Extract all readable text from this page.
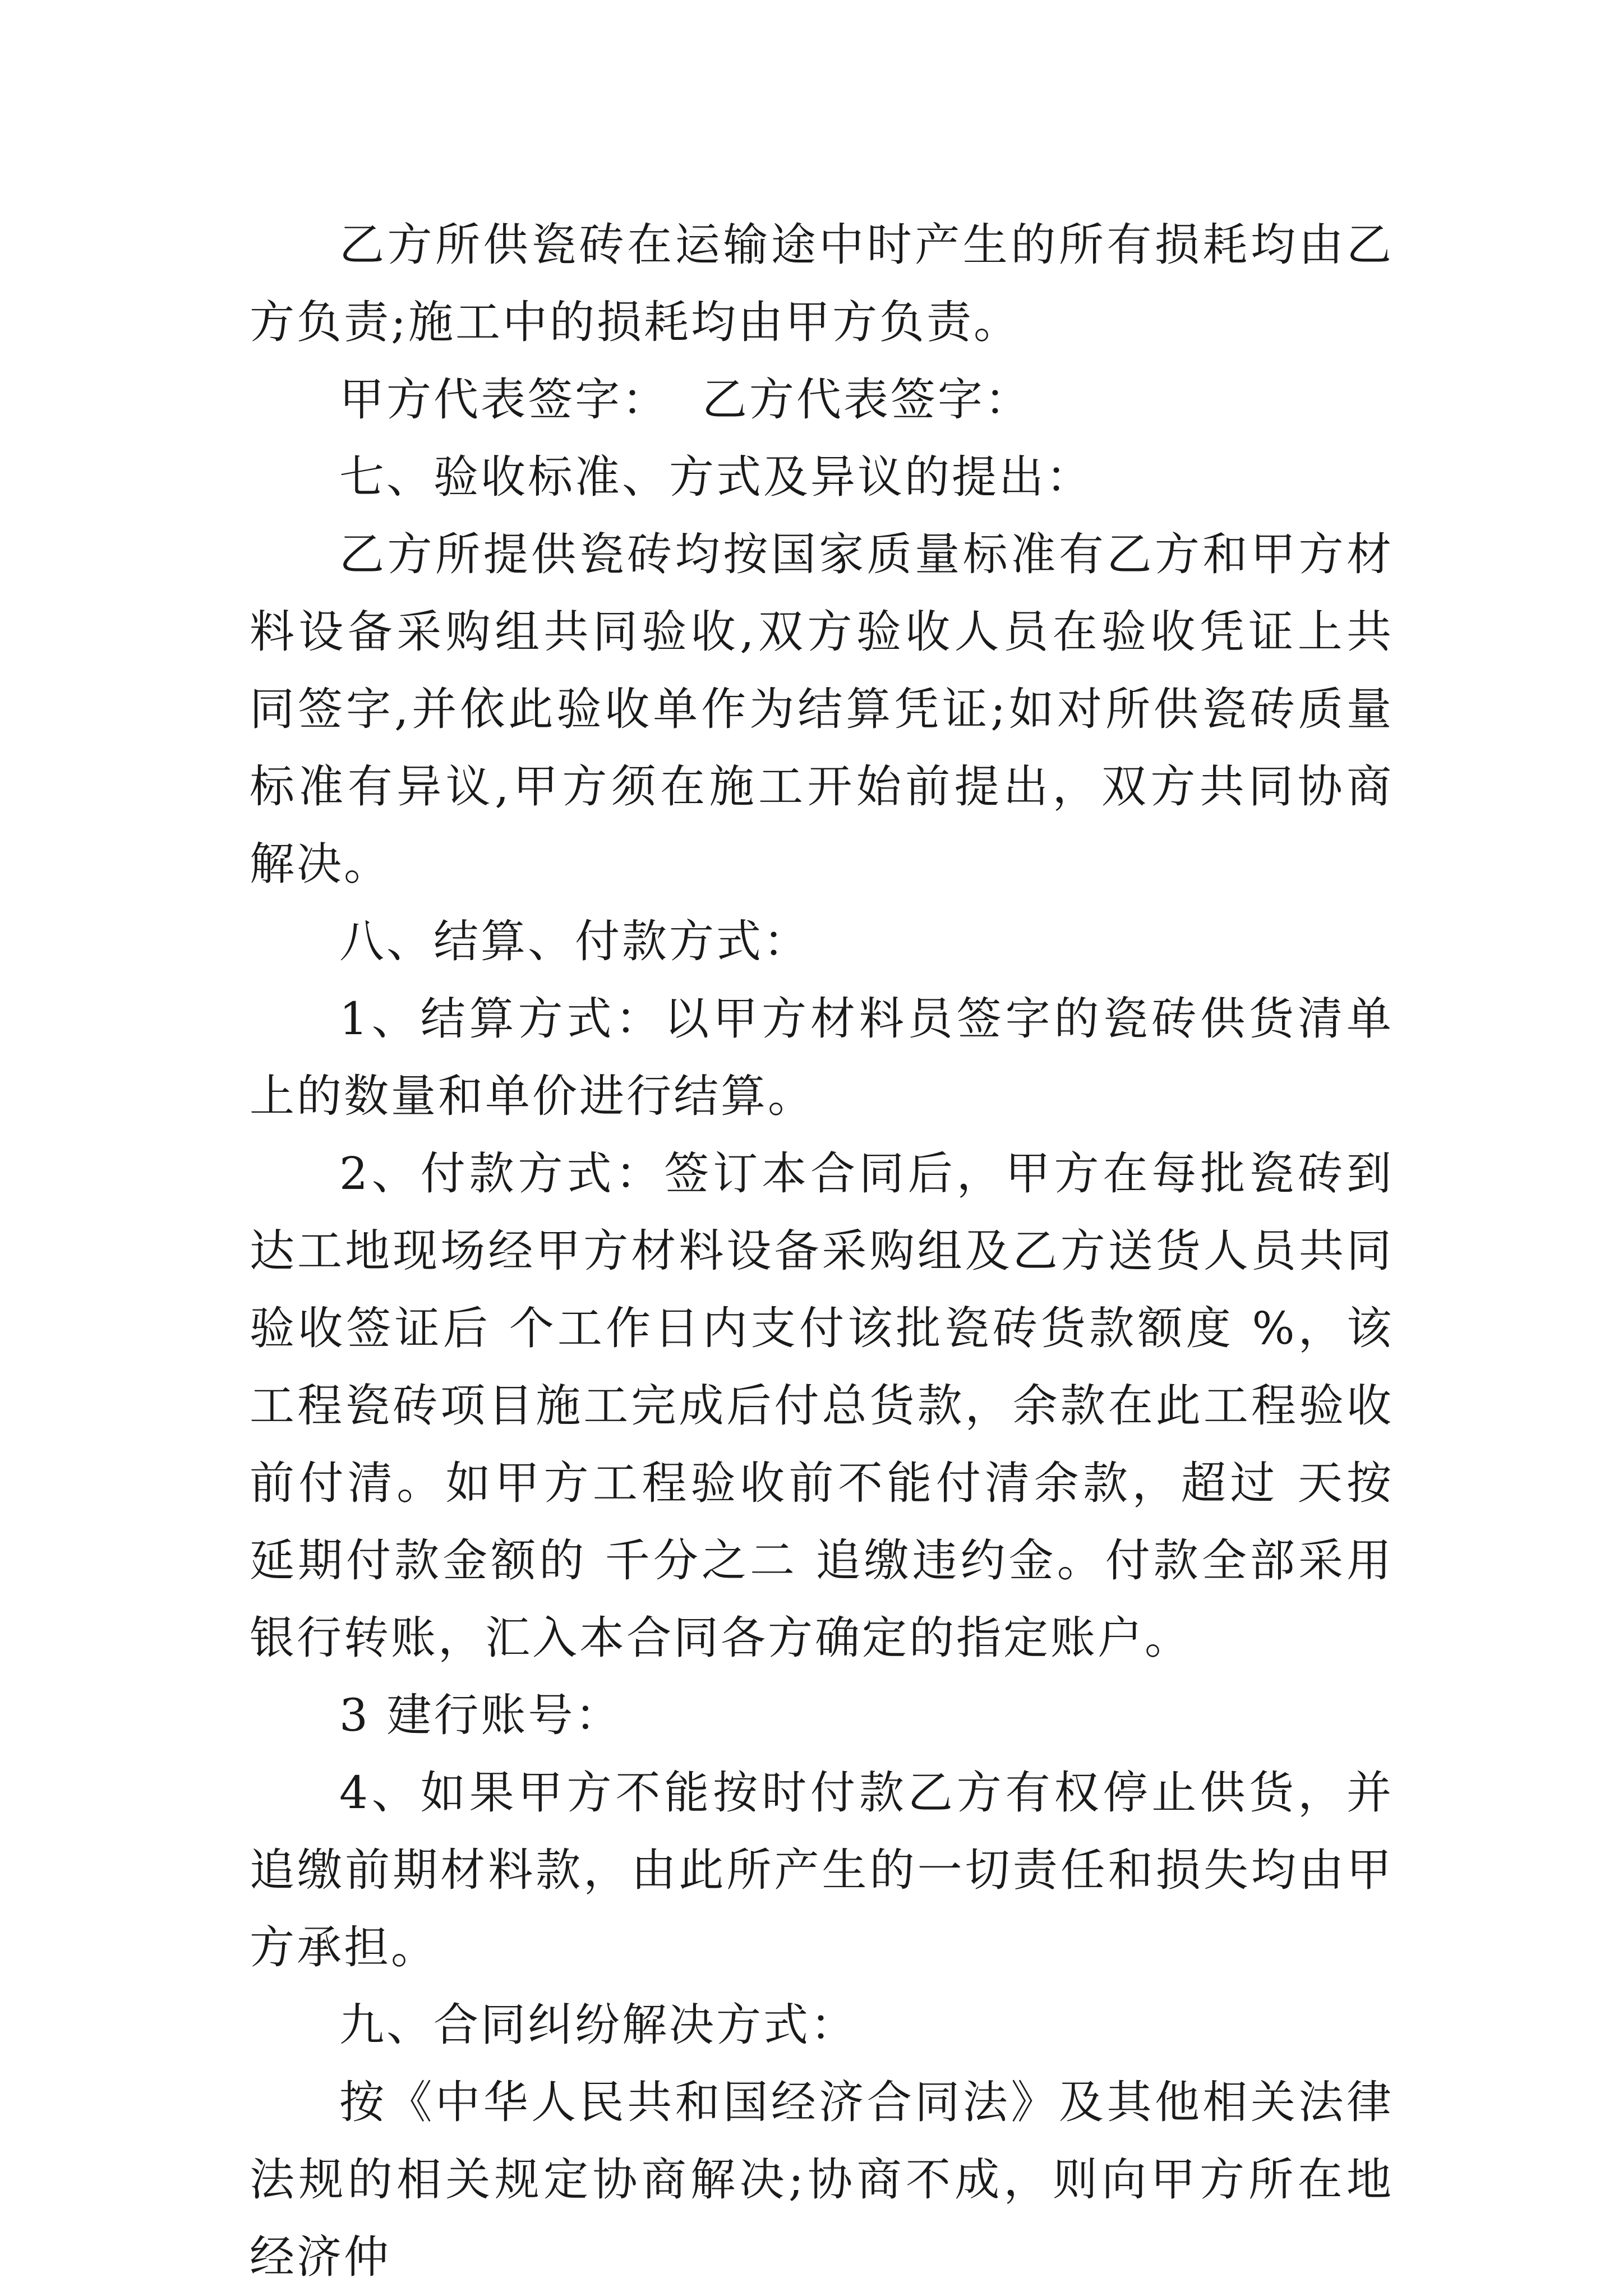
乙方所供瓷砖在运输途中时产生的所有损耗均由乙方负责;施工中的损耗均由甲方负责。

甲方代表签字：  乙方代表签字：

七、验收标准、方式及异议的提出：

乙方所提供瓷砖均按国家质量标准有乙方和甲方材料设备采购组共同验收,双方验收人员在验收凭证上共同签字,并依此验收单作为结算凭证;如对所供瓷砖质量标准有异议,甲方须在施工开始前提出，双方共同协商解决。

八、结算、付款方式：

1、结算方式：以甲方材料员签字的瓷砖供货清单上的数量和单价进行结算。

2、付款方式：签订本合同后，甲方在每批瓷砖到达工地现场经甲方材料设备采购组及乙方送货人员共同验收签证后 个工作日内支付该批瓷砖货款额度 %，该工程瓷砖项目施工完成后付总货款，余款在此工程验收前付清。如甲方工程验收前不能付清余款，超过 天按延期付款金额的 千分之二 追缴违约金。付款全部采用银行转账，汇入本合同各方确定的指定账户。

3 建行账号：

4、如果甲方不能按时付款乙方有权停止供货，并追缴前期材料款，由此所产生的一切责任和损失均由甲方承担。

九、合同纠纷解决方式：

按《中华人民共和国经济合同法》及其他相关法律法规的相关规定协商解决;协商不成，则向甲方所在地经济仲
